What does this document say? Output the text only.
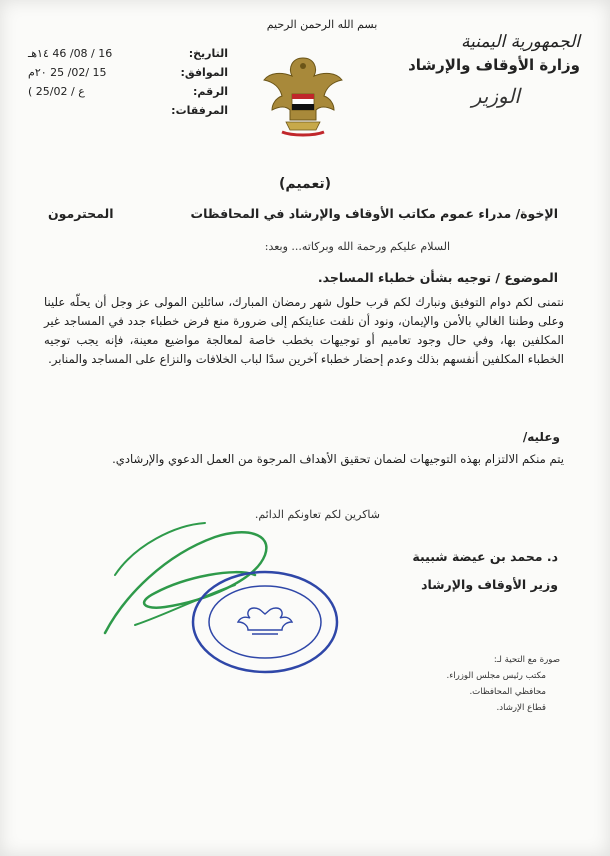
الجمهورية اليمنية
وزارة الأوقاف والإرشاد
الوزير
بسم الله الرحمن الرحيم
التاريخ:
16 / 08/ 46 ١٤هـ
الموافق:
15 /02/ 25 ٢٠م
الرقم:
ع / 25/02 )
المرفقات:
(تعميم)
الإخوة/ مدراء عموم مكاتب الأوقاف والإرشاد في المحافظات
المحترمون
السلام عليكم ورحمة الله وبركاته... وبعد:
الموضوع / توجيه بشأن خطباء المساجد.
نتمنى لكم دوام التوفيق ونبارك لكم قرب حلول شهر رمضان المبارك، سائلين المولى عز وجل أن يحلّه علينا وعلى وطننا الغالي بالأمن والإيمان، ونود أن نلفت عنايتكم إلى ضرورة منع فرض خطباء جدد في المساجد غير المكلفين بها، وفي حال وجود تعاميم أو توجيهات بخطب خاصة لمعالجة مواضيع معينة، فإنه يجب توجيه الخطباء المكلفين أنفسهم بذلك وعدم إحضار خطباء آخرين سدًا لباب الخلافات والنزاع على المساجد والمنابر.
وعليه/
يتم منكم الالتزام بهذه التوجيهات لضمان تحقيق الأهداف المرجوة من العمل الدعوي والإرشادي.
شاكرين لكم تعاونكم الدائم.
د. محمد بن عيضة شبيبة
وزير الأوقاف والإرشاد
صورة مع التحية لـ:
مكتب رئيس مجلس الوزراء.
محافظي المحافظات.
قطاع الإرشاد.
